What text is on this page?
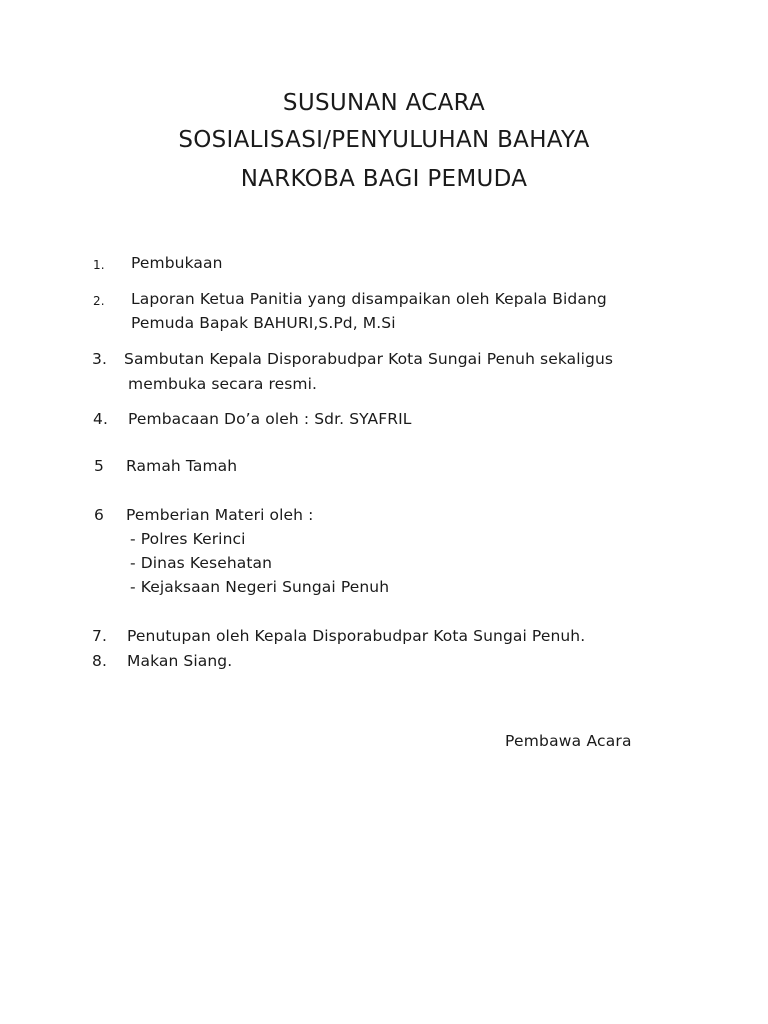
SUSUNAN ACARA
SOSIALISASI/PENYULUHAN BAHAYA
NARKOBA BAGI PEMUDA
1. Pembukaan
2. Laporan Ketua Panitia yang disampaikan oleh Kepala Bidang
Pemuda Bapak BAHURI,S.Pd, M.Si
3. Sambutan Kepala Disporabudpar Kota Sungai Penuh sekaligus
membuka secara resmi.
4. Pembacaan Do’a oleh : Sdr. SYAFRIL
5 Ramah Tamah
6 Pemberian Materi oleh :
- Polres Kerinci
- Dinas Kesehatan
- Kejaksaan Negeri Sungai Penuh
7. Penutupan oleh Kepala Disporabudpar Kota Sungai Penuh.
8. Makan Siang.
Pembawa Acara
